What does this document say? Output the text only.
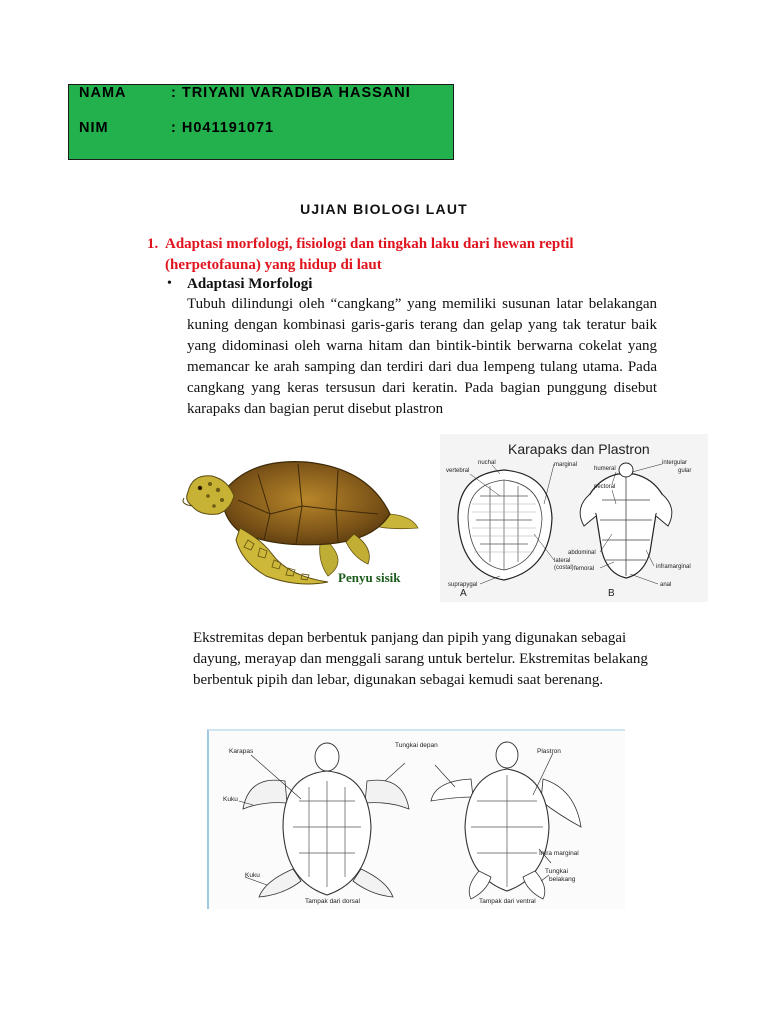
NAMA	: TRIYANI VARADIBA HASSANI
NIM	: H041191071
UJIAN BIOLOGI LAUT
1. Adaptasi morfologi, fisiologi dan tingkah laku dari hewan reptil
(herpetofauna) yang hidup di laut
• Adaptasi Morfologi
Tubuh dilindungi oleh “cangkang” yang memiliki susunan latar belakangan kuning dengan kombinasi garis-garis terang dan gelap yang tak teratur baik yang didominasi oleh warna hitam dan bintik-bintik berwarna cokelat yang memancar ke arah samping dan terdiri dari dua lempeng tulang utama. Pada cangkang yang keras tersusun dari keratin. Pada bagian punggung disebut karapaks dan bagian perut disebut plastron
Penyu sisik
Karapaks dan Plastron
nuchal
vertebral
marginal
lateral
(costal)
suprapygal
A
humeral
intergular
gular
pectoral
abdominal
inframarginal
femoral
anal
B
Ekstremitas depan berbentuk panjang dan pipih yang digunakan sebagai dayung, merayap dan menggali sarang untuk bertelur. Ekstremitas belakang berbentuk pipih dan lebar, digunakan sebagai kemudi saat berenang.
Karapas
Kuku
Kuku
Tampak dari dorsal
Tungkai depan
Plastron
Infra marginal
Tungkai
belakang
Tampak dari ventral
